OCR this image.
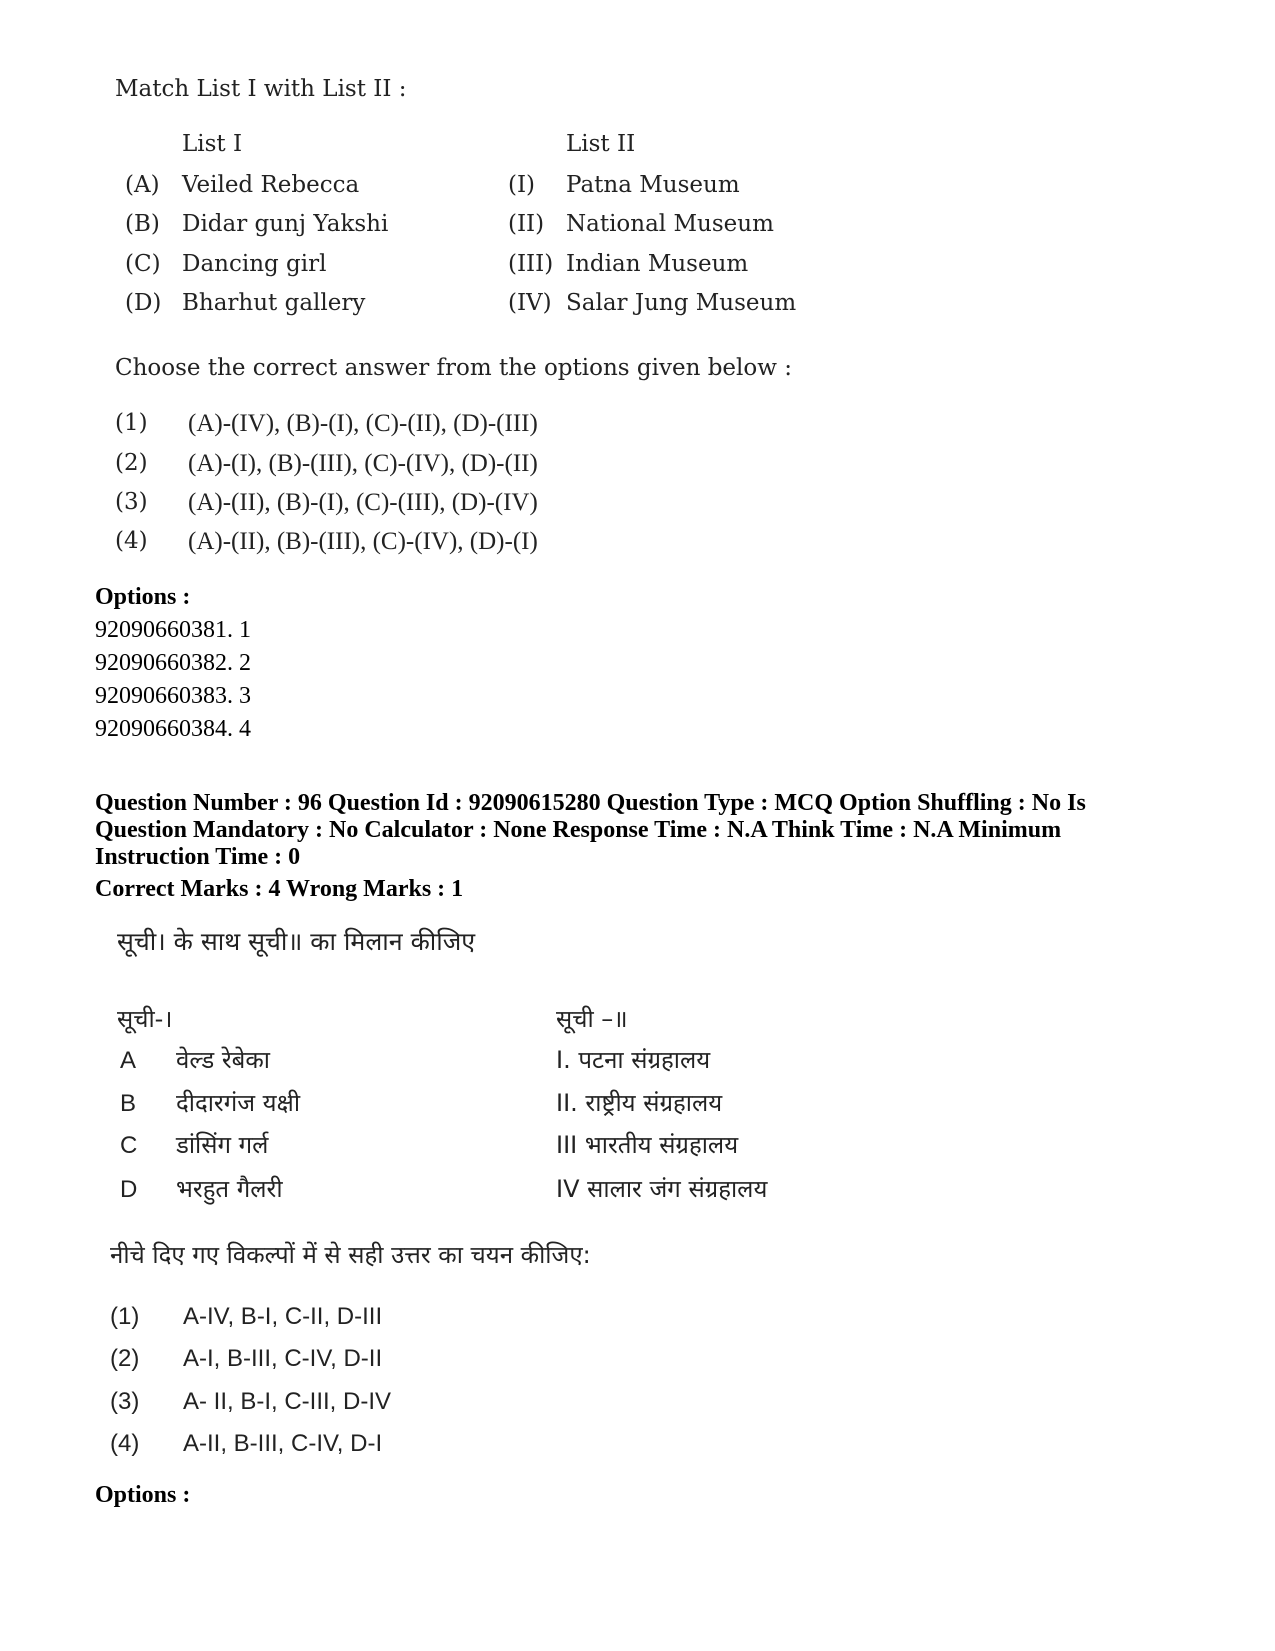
Match List I with List II :
List I	List II
(A) Veiled Rebecca	(I) Patna Museum
(B) Didar gunj Yakshi	(II) National Museum
(C) Dancing girl	(III) Indian Museum
(D) Bharhut gallery	(IV) Salar Jung Museum
Choose the correct answer from the options given below :
(1) (A)-(IV), (B)-(I), (C)-(II), (D)-(III)
(2) (A)-(I), (B)-(III), (C)-(IV), (D)-(II)
(3) (A)-(II), (B)-(I), (C)-(III), (D)-(IV)
(4) (A)-(II), (B)-(III), (C)-(IV), (D)-(I)
Options :
92090660381. 1
92090660382. 2
92090660383. 3
92090660384. 4
Question Number : 96 Question Id : 92090615280 Question Type : MCQ Option Shuffling : No Is
Question Mandatory : No Calculator : None Response Time : N.A Think Time : N.A Minimum
Instruction Time : 0
Correct Marks : 4 Wrong Marks : 1
सूची। के साथ सूची॥ का मिलान कीजिए
सूची-।	सूची –॥
A वेल्ड रेबेका	I. पटना संग्रहालय
B दीदारगंज यक्षी	II. राष्ट्रीय संग्रहालय
C डांसिंग गर्ल	III भारतीय संग्रहालय
D भरहुत गैलरी	IV सालार जंग संग्रहालय
नीचे दिए गए विकल्पों में से सही उत्तर का चयन कीजिए:
(1) A-IV, B-I, C-II, D-III
(2) A-I, B-III, C-IV, D-II
(3) A- II, B-I, C-III, D-IV
(4) A-II, B-III, C-IV, D-I
Options :
